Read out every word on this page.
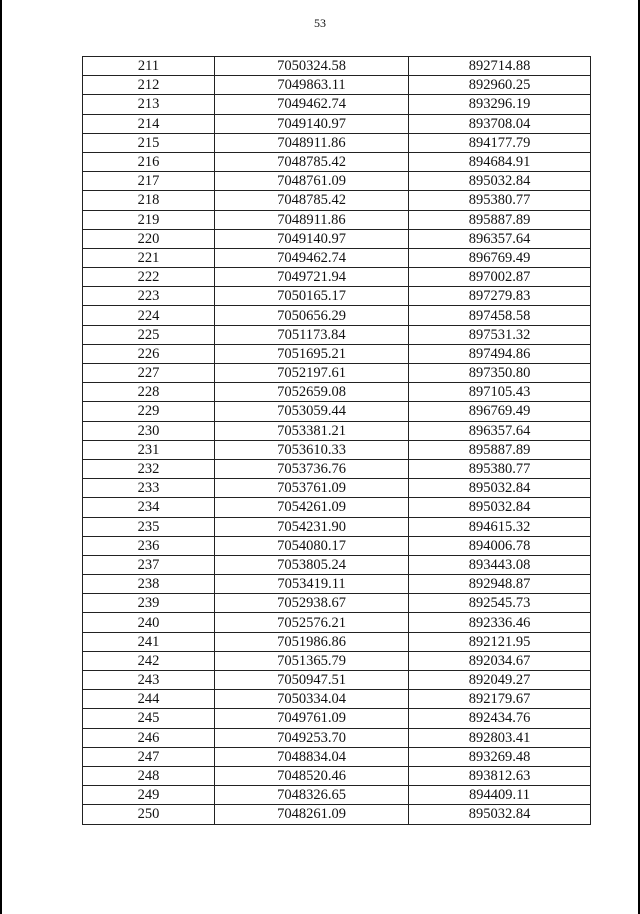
53
211	7050324.58	892714.88
212	7049863.11	892960.25
213	7049462.74	893296.19
214	7049140.97	893708.04
215	7048911.86	894177.79
216	7048785.42	894684.91
217	7048761.09	895032.84
218	7048785.42	895380.77
219	7048911.86	895887.89
220	7049140.97	896357.64
221	7049462.74	896769.49
222	7049721.94	897002.87
223	7050165.17	897279.83
224	7050656.29	897458.58
225	7051173.84	897531.32
226	7051695.21	897494.86
227	7052197.61	897350.80
228	7052659.08	897105.43
229	7053059.44	896769.49
230	7053381.21	896357.64
231	7053610.33	895887.89
232	7053736.76	895380.77
233	7053761.09	895032.84
234	7054261.09	895032.84
235	7054231.90	894615.32
236	7054080.17	894006.78
237	7053805.24	893443.08
238	7053419.11	892948.87
239	7052938.67	892545.73
240	7052576.21	892336.46
241	7051986.86	892121.95
242	7051365.79	892034.67
243	7050947.51	892049.27
244	7050334.04	892179.67
245	7049761.09	892434.76
246	7049253.70	892803.41
247	7048834.04	893269.48
248	7048520.46	893812.63
249	7048326.65	894409.11
250	7048261.09	895032.84
